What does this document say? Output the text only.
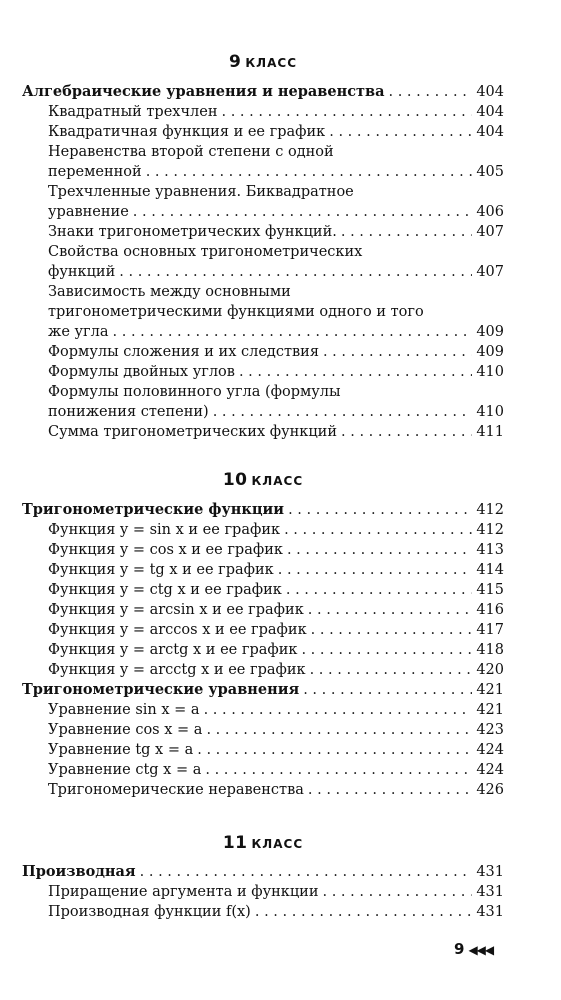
9 КЛАСС
Алгебраические уравнения и неравенства . . .	404
Квадратный трехчлен . . .	404
Квадратичная функция и ее график . . .	404
Неравенства второй степени с одной
переменной . . .	405
Трехчленные уравнения. Биквадратное
уравнение . . .	406
Знаки тригонометрических функций. . . .	407
Свойства основных тригонометрических
функций . . .	407
Зависимость между основными
тригонометрическими функциями одного и того
же угла . . .	409
Формулы сложения и их следствия . . .	409
Формулы двойных углов . . .	410
Формулы половинного угла (формулы
понижения степени) . . .	410
Сумма тригонометрических функций . . .	411
10 КЛАСС
Тригонометрические функции . . .	412
Функция y = sin x и ее график . . .	412
Функция y = cos x и ее график . . .	413
Функция y = tg x и ее график . . .	414
Функция y = ctg x и ее график . . .	415
Функция y = arcsin x и ее график . . .	416
Функция y = arccos x и ее график . . .	417
Функция y = arctg x и ее график . . .	418
Функция y = arcctg x и ее график . . .	420
Тригонометрические уравнения . . .	421
Уравнение sin x = a . . .	421
Уравнение cos x = a . . .	423
Уравнение tg x = a . . .	424
Уравнение ctg x = a . . .	424
Тригономерические неравенства . . .	426
11 КЛАСС
Производная . . .	431
Приращение аргумента и функции . . .	431
Производная функции f(x) . . .	431
9 ◀◀◀
